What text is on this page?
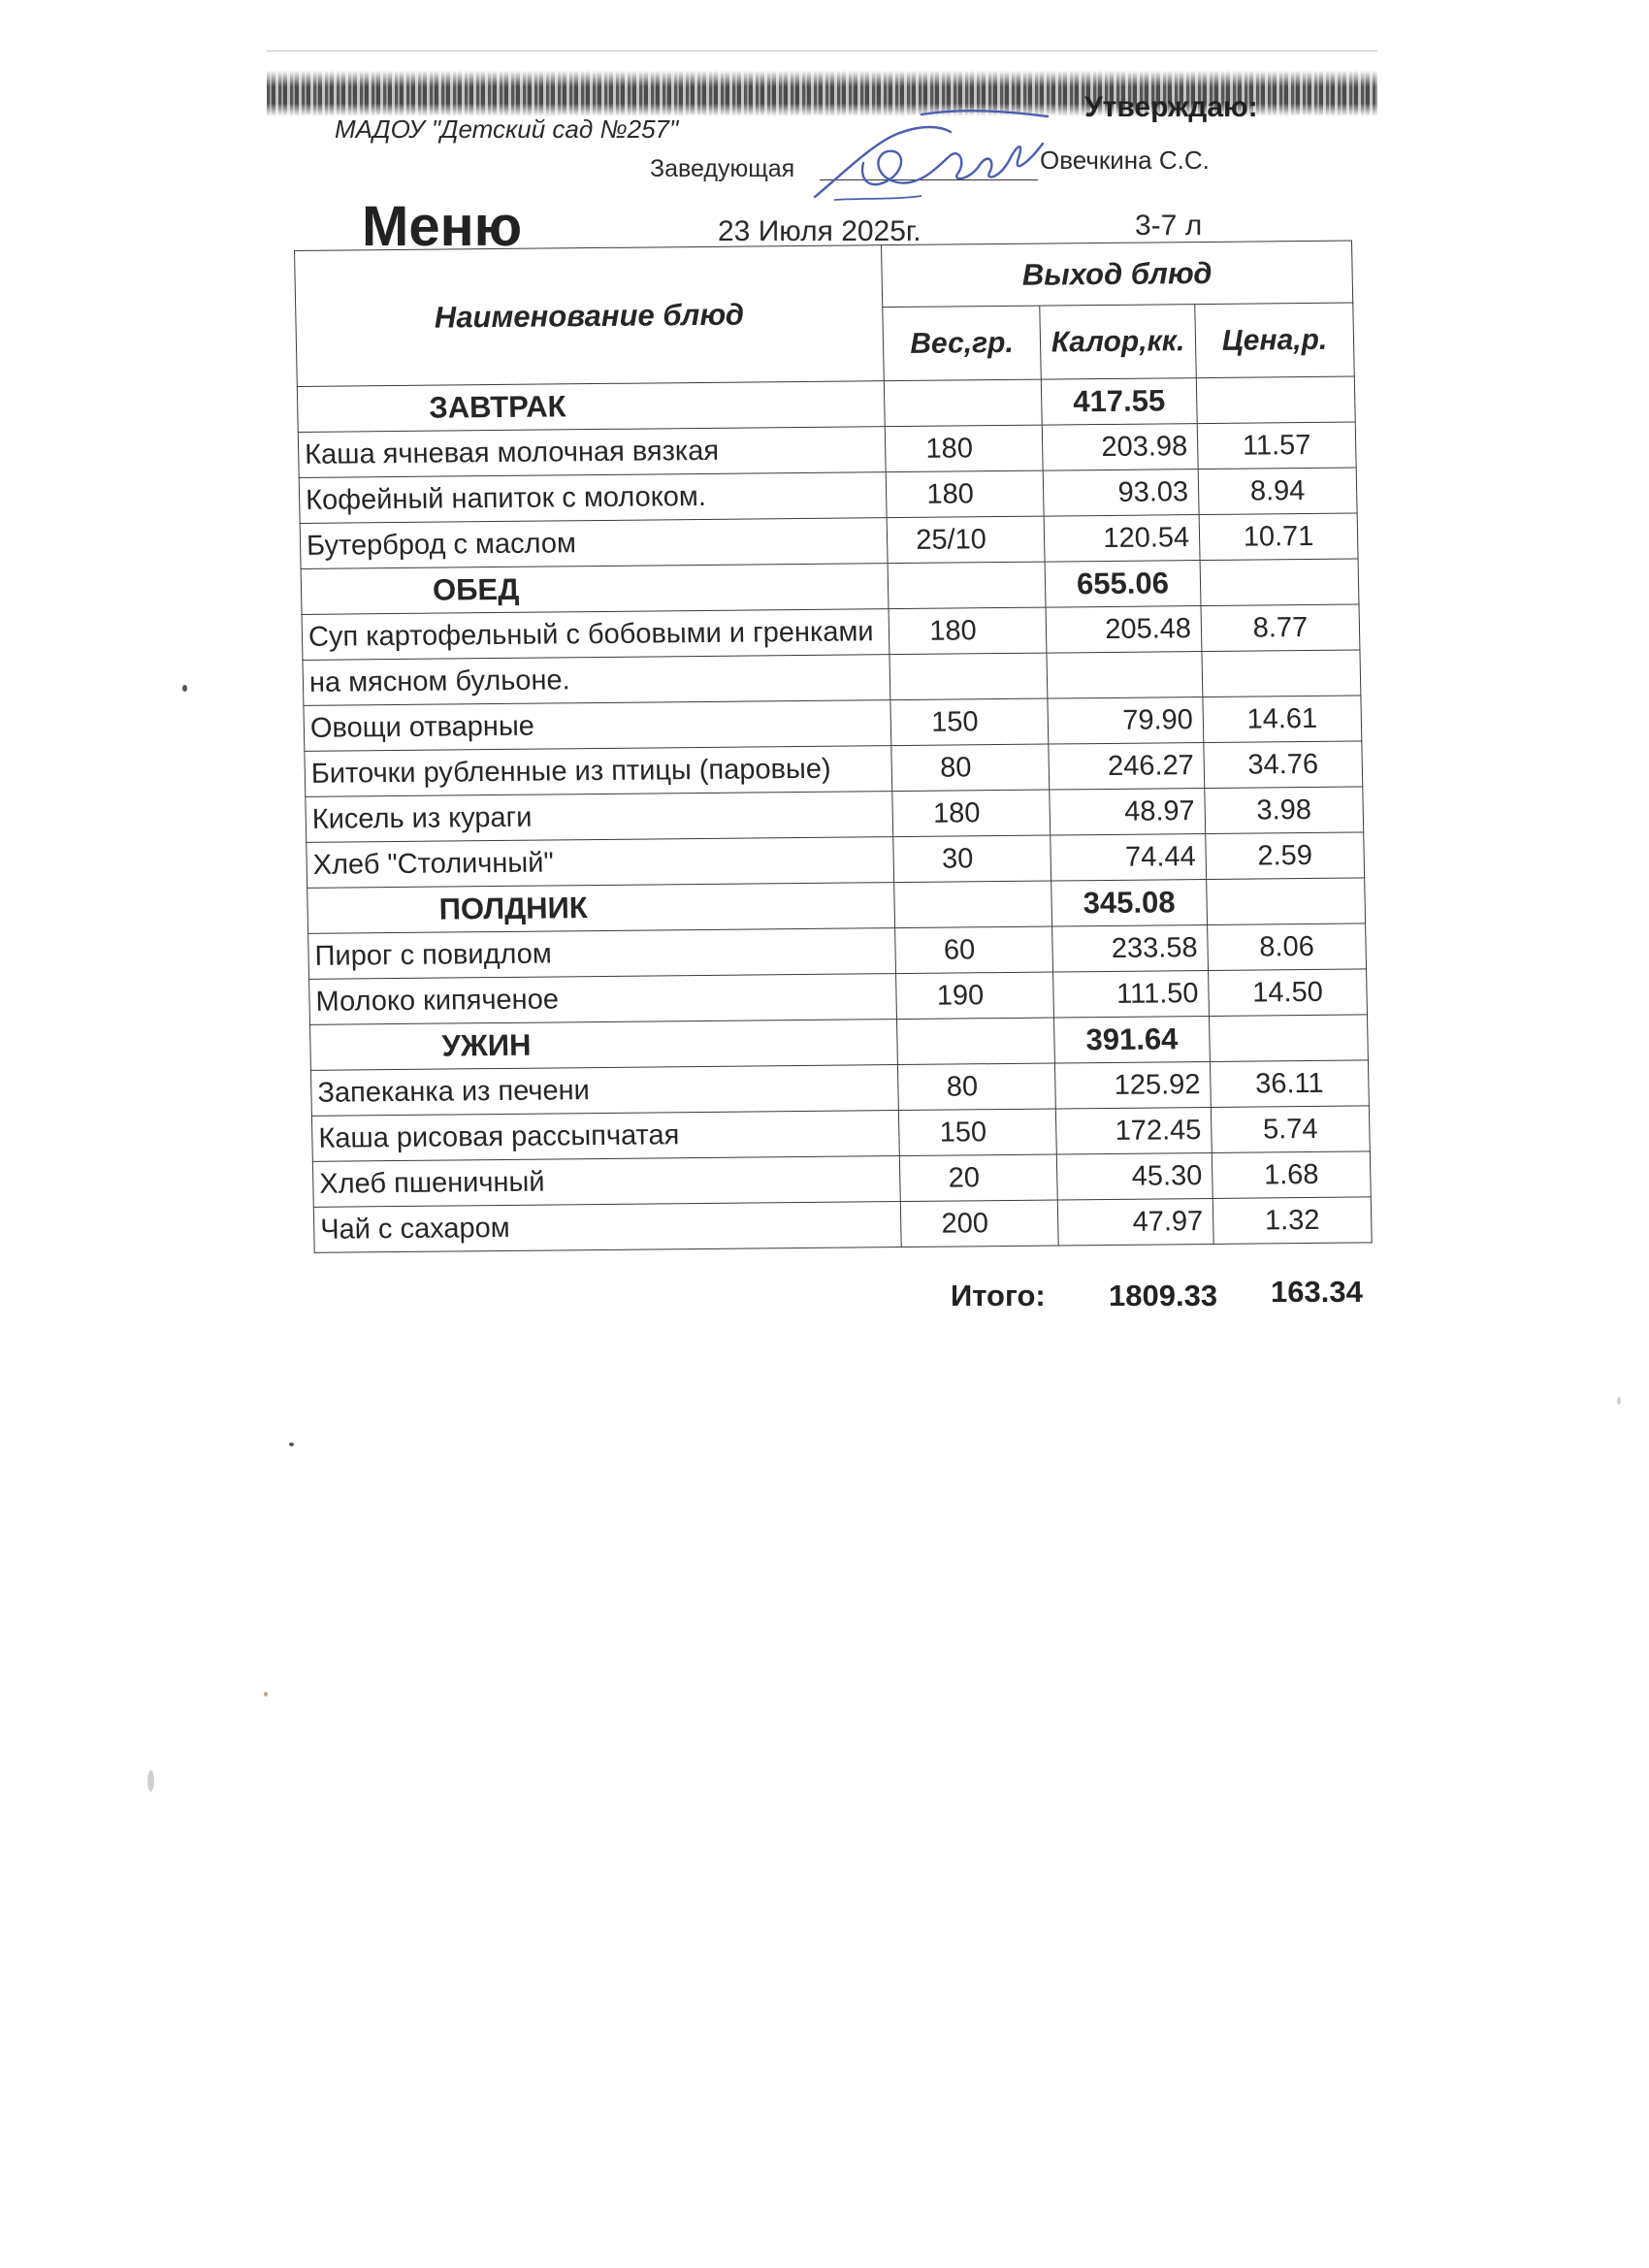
МАДОУ "Детский сад №257"
Утверждаю:
Заведующая	Овечкина С.С.
Меню	23 Июля 2025г.	3-7 л
Наименование блюд	Выход блюд		
	Вес,гр.	Калор,кк.	Цена,р.
ЗАВТРАК		417.55	
Каша ячневая молочная вязкая	180	203.98	11.57
Кофейный напиток с молоком.	180	93.03	8.94
Бутерброд с маслом	25/10	120.54	10.71
ОБЕД		655.06	
Суп картофельный с бобовыми и гренками	180	205.48	8.77
на мясном бульоне.			
Овощи отварные	150	79.90	14.61
Биточки рубленные из птицы (паровые)	80	246.27	34.76
Кисель из кураги	180	48.97	3.98
Хлеб "Столичный"	30	74.44	2.59
ПОЛДНИК		345.08	
Пирог с повидлом	60	233.58	8.06
Молоко кипяченое	190	111.50	14.50
УЖИН		391.64	
Запеканка из печени	80	125.92	36.11
Каша рисовая рассыпчатая	150	172.45	5.74
Хлеб пшеничный	20	45.30	1.68
Чай с сахаром	200	47.97	1.32
Итого: 1809.33 163.34
